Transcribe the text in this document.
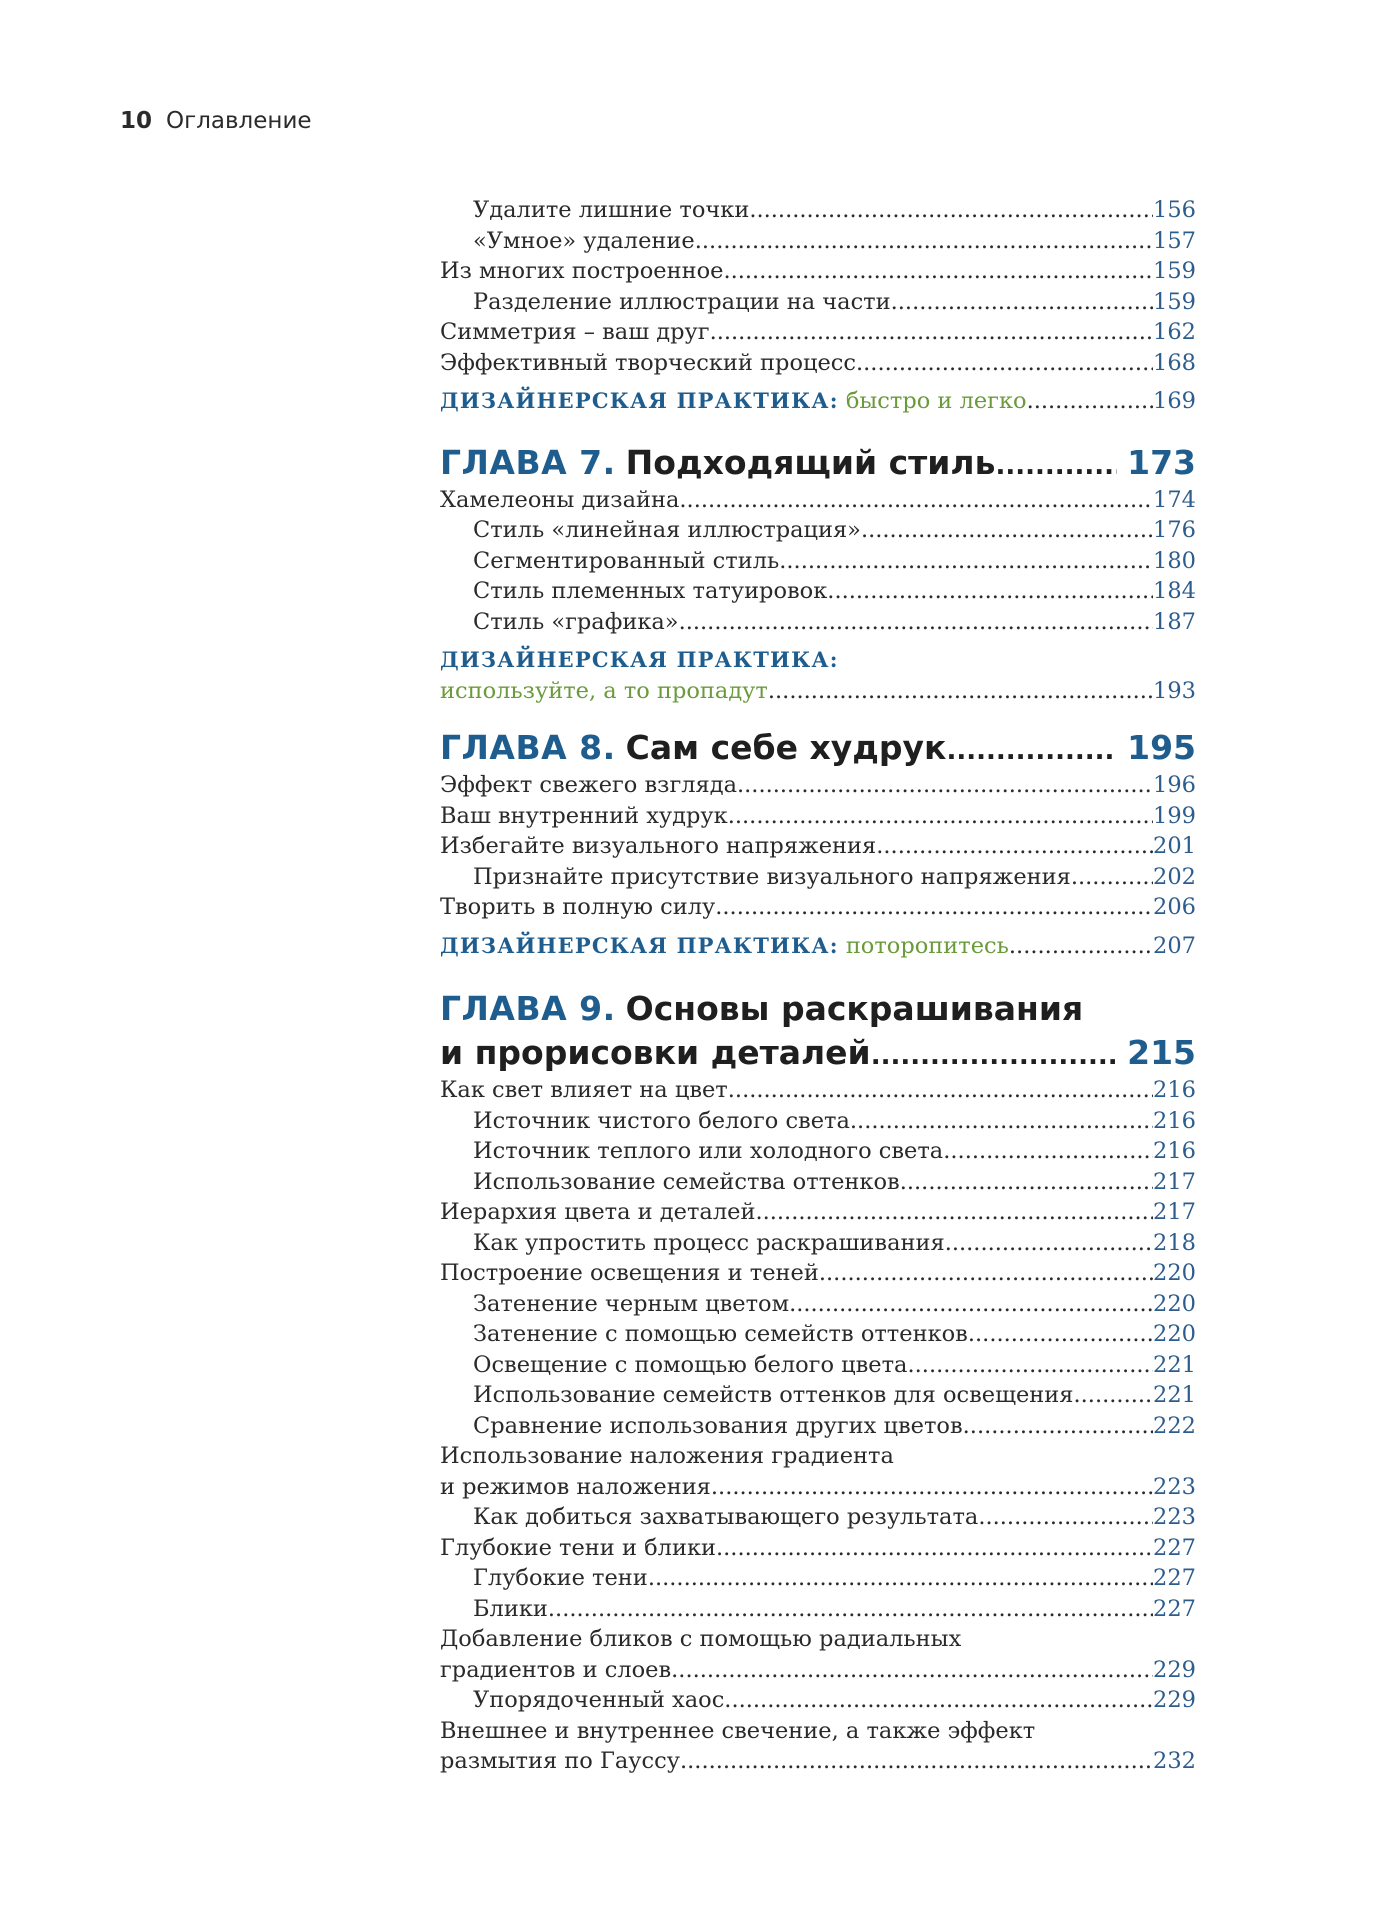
10 Оглавление
Удалите лишние точки .....	156
«Умное» удаление .....	157
Из многих построенное .....	159
Разделение иллюстрации на части .....	159
Симметрия – ваш друг .....	162
Эффективный творческий процесс .....	168
ДИЗАЙНЕРСКАЯ ПРАКТИКА: быстро и легко .....	169
ГЛАВА 7. Подходящий стиль .....	173
Хамелеоны дизайна .....	174
Стиль «линейная иллюстрация» .....	176
Сегментированный стиль .....	180
Стиль племенных татуировок .....	184
Стиль «графика» .....	187
ДИЗАЙНЕРСКАЯ ПРАКТИКА:
используйте, а то пропадут .....	193
ГЛАВА 8. Сам себе худрук .....	195
Эффект свежего взгляда .....	196
Ваш внутренний худрук .....	199
Избегайте визуального напряжения .....	201
Признайте присутствие визуального напряжения .....	202
Творить в полную силу .....	206
ДИЗАЙНЕРСКАЯ ПРАКТИКА: поторопитесь .....	207
ГЛАВА 9. Основы раскрашивания
и прорисовки деталей .....	215
Как свет влияет на цвет .....	216
Источник чистого белого света .....	216
Источник теплого или холодного света .....	216
Использование семейства оттенков .....	217
Иерархия цвета и деталей .....	217
Как упростить процесс раскрашивания .....	218
Построение освещения и теней .....	220
Затенение черным цветом .....	220
Затенение с помощью семейств оттенков .....	220
Освещение с помощью белого цвета .....	221
Использование семейств оттенков для освещения .....	221
Сравнение использования других цветов .....	222
Использование наложения градиента
и режимов наложения .....	223
Как добиться захватывающего результата .....	223
Глубокие тени и блики .....	227
Глубокие тени .....	227
Блики .....	227
Добавление бликов с помощью радиальных
градиентов и слоев .....	229
Упорядоченный хаос .....	229
Внешнее и внутреннее свечение, а также эффект
размытия по Гауссу .....	232
